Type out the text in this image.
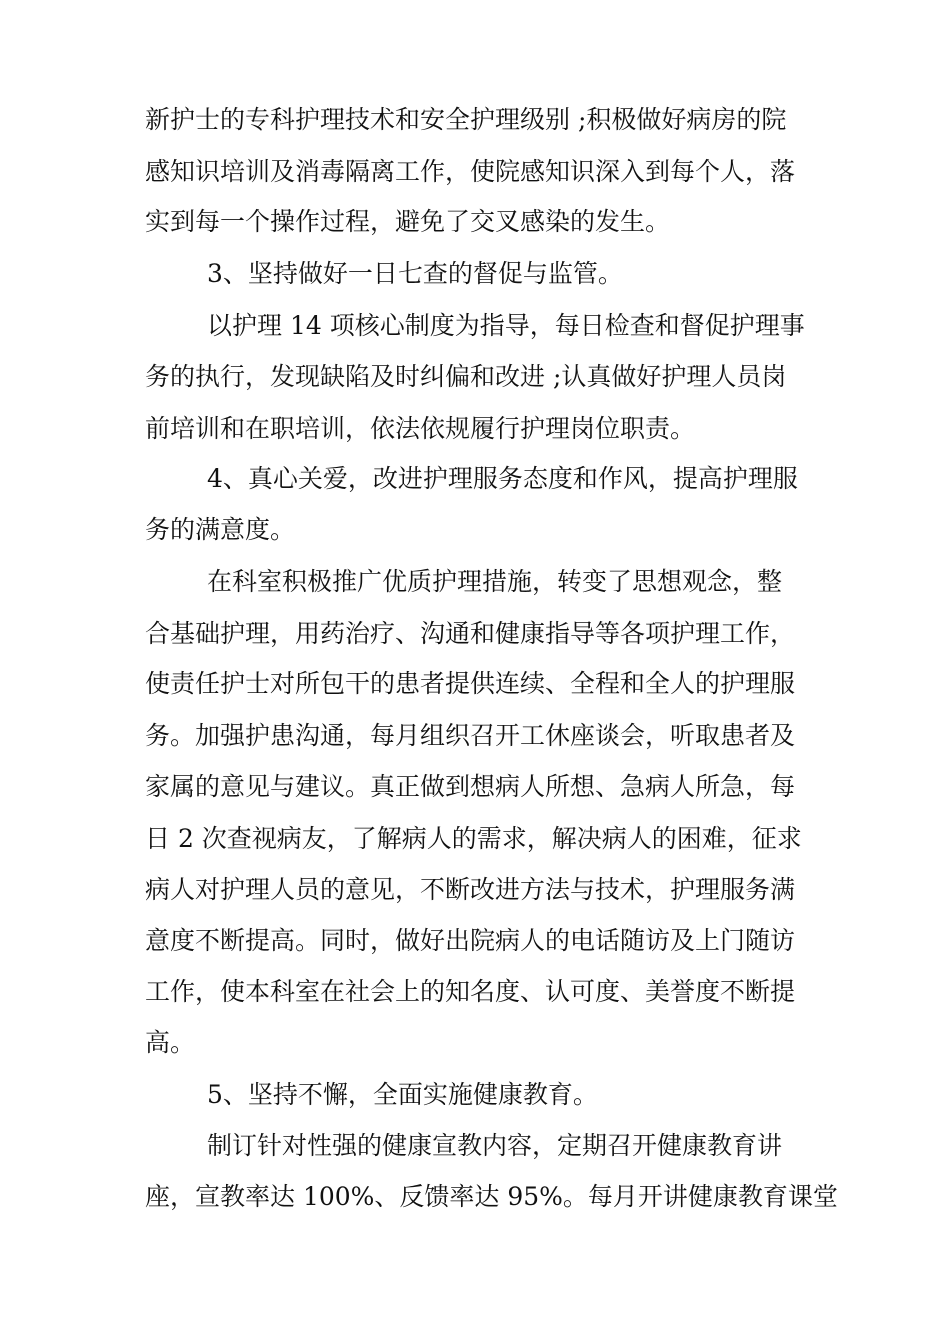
新护士的专科护理技术和安全护理级别 ;积极做好病房的院
感知识培训及消毒隔离工作，使院感知识深入到每个人，落
实到每一个操作过程，避免了交叉感染的发生。
3、坚持做好一日七查的督促与监管。
以护理 14 项核心制度为指导，每日检查和督促护理事
务的执行，发现缺陷及时纠偏和改进 ;认真做好护理人员岗
前培训和在职培训，依法依规履行护理岗位职责。
4、真心关爱，改进护理服务态度和作风，提高护理服
务的满意度。
在科室积极推广优质护理措施，转变了思想观念，整
合基础护理，用药治疗、沟通和健康指导等各项护理工作，
使责任护士对所包干的患者提供连续、全程和全人的护理服
务。加强护患沟通，每月组织召开工休座谈会，听取患者及
家属的意见与建议。真正做到想病人所想、急病人所急，每
日 2 次查视病友，了解病人的需求，解决病人的困难，征求
病人对护理人员的意见，不断改进方法与技术，护理服务满
意度不断提高。同时，做好出院病人的电话随访及上门随访
工作，使本科室在社会上的知名度、认可度、美誉度不断提
高。
5、坚持不懈，全面实施健康教育。
制订针对性强的健康宣教内容，定期召开健康教育讲
座，宣教率达 100%、反馈率达 95%。每月开讲健康教育课堂
